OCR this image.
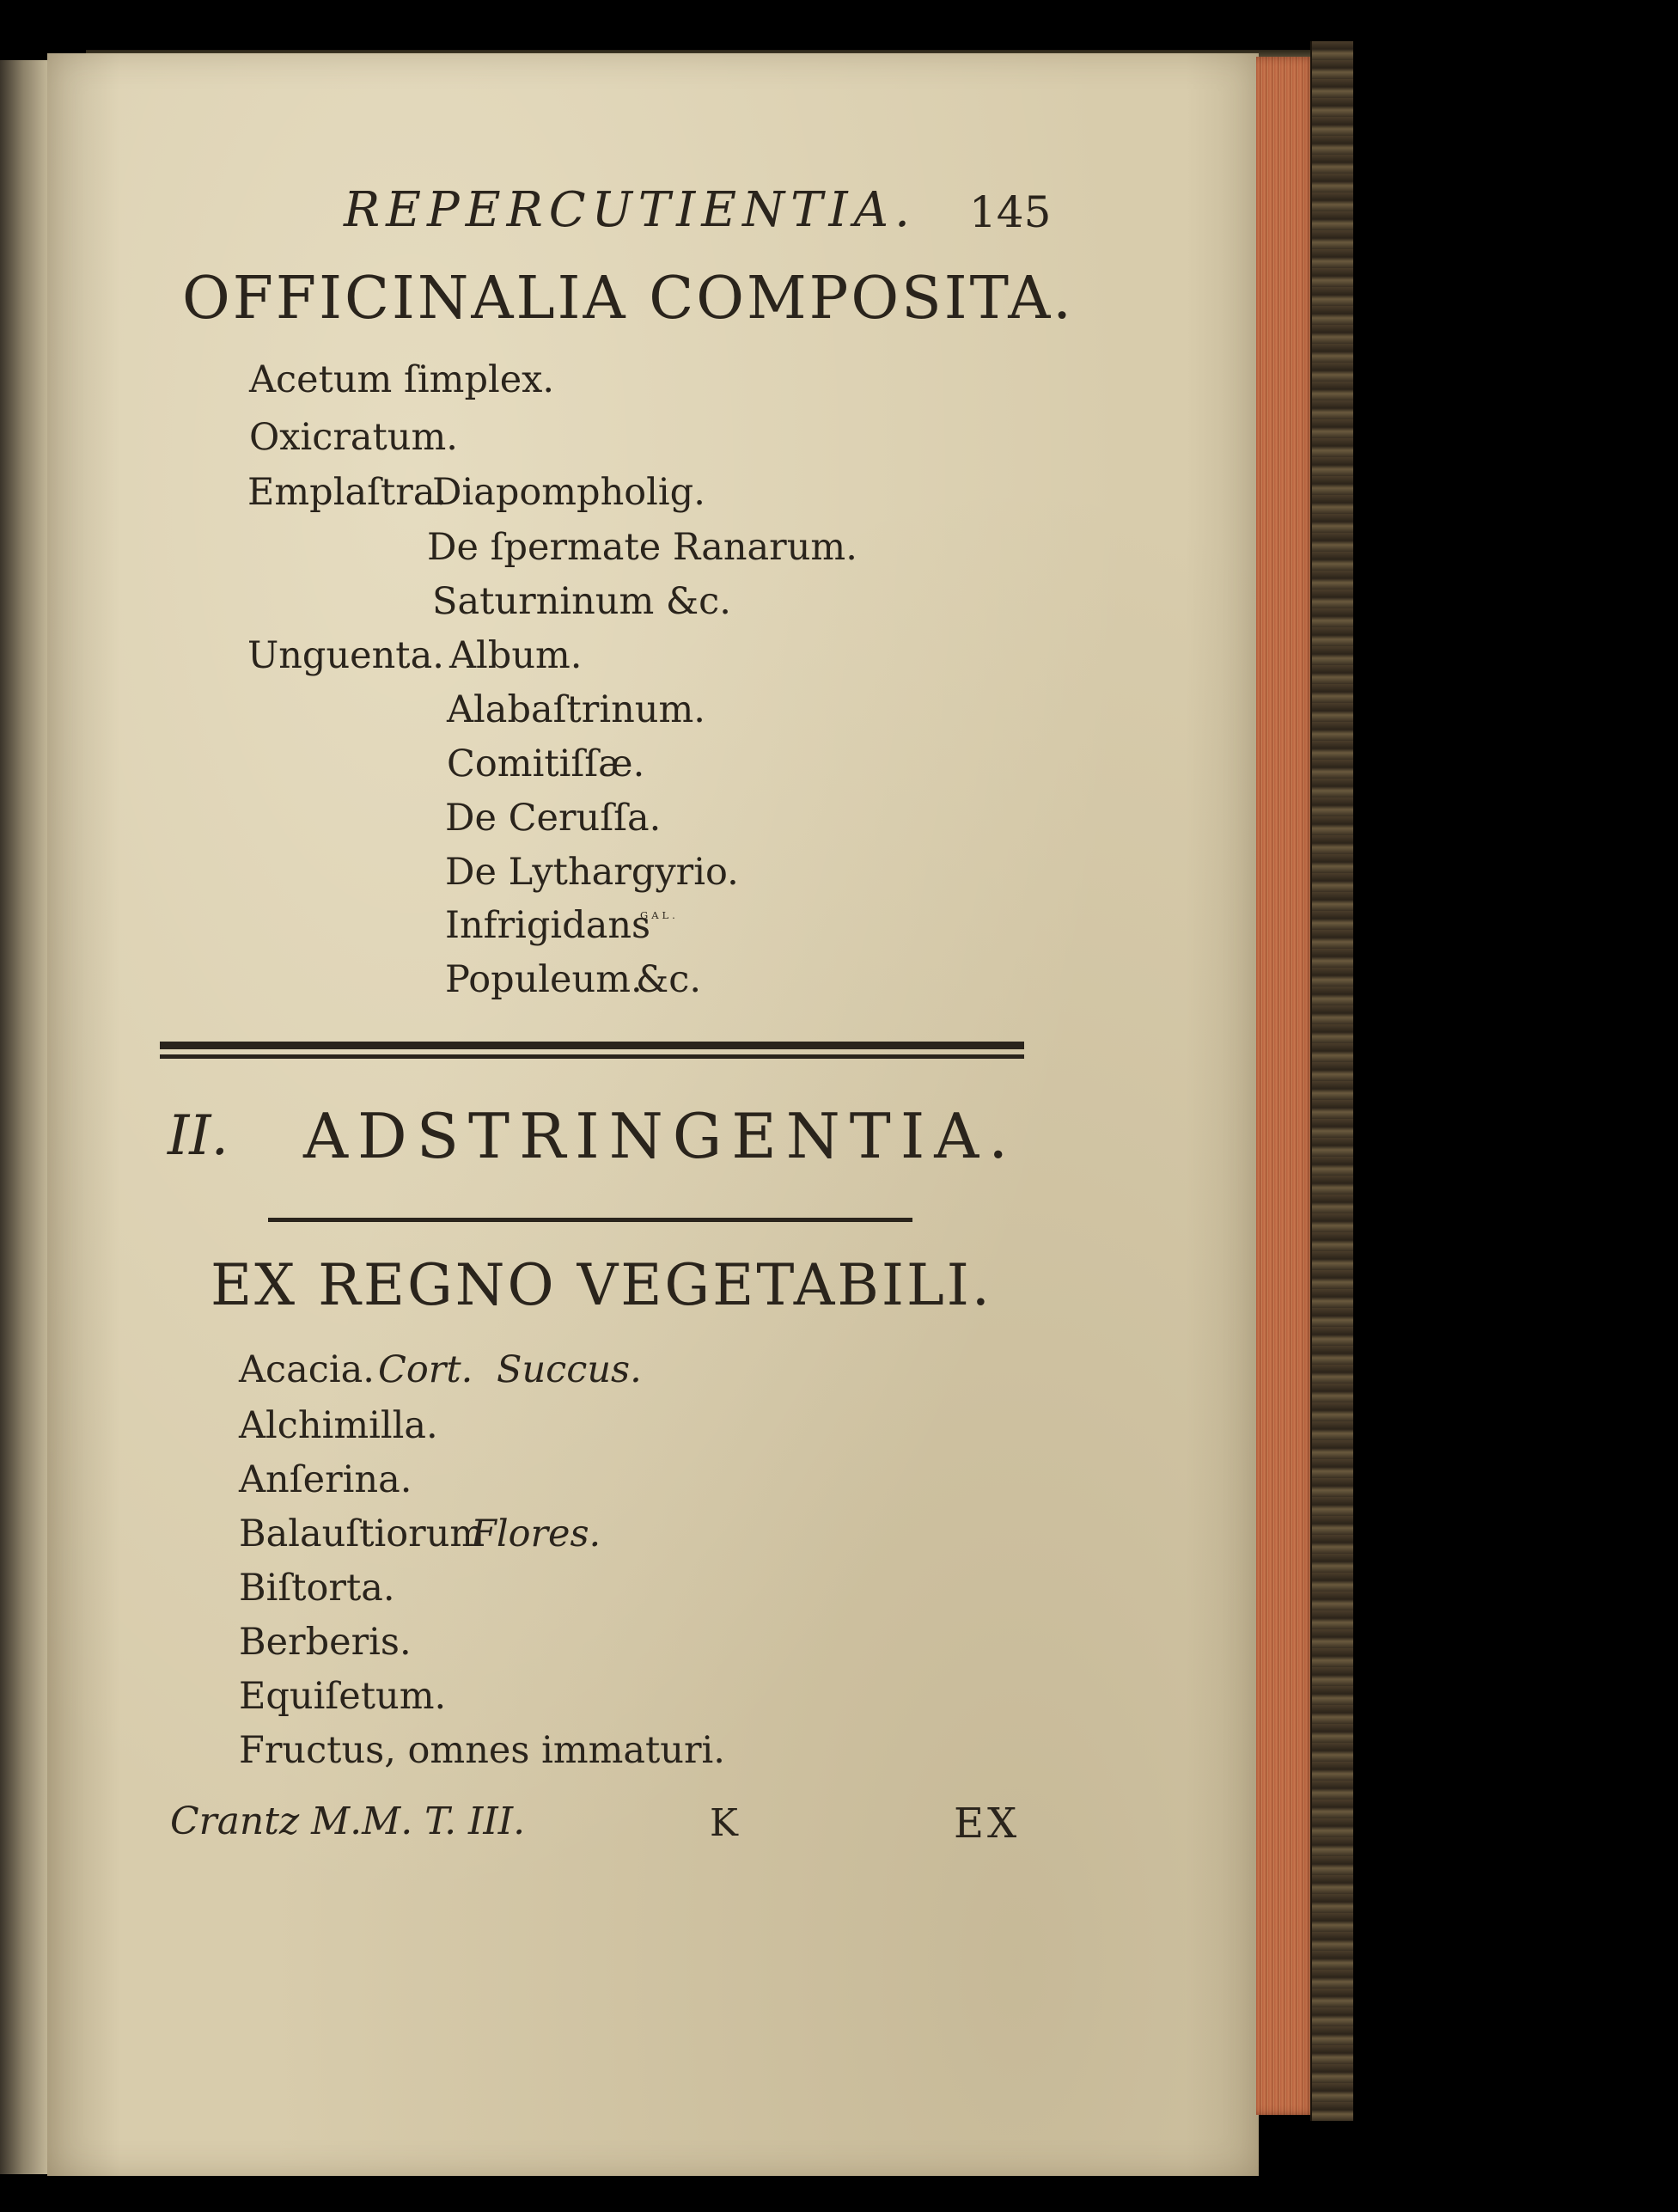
REPERCUTIENTIA. 145
OFFICINALIA COMPOSITA.
Acetum ſimplex.
Oxicratum.
Emplaſtra.
Diapompholig.
De ſpermate Ranarum.
Saturninum &c.
Unguenta. Album.
Alabaſtrinum.
Comitiſſæ.
De Ceruſſa.
De Lythargyrio.
Infrigidans
GAL.
Populeum.
&c.
II. ADSTRINGENTIA.
EX REGNO VEGETABILI.
Acacia. Cort. Succus.
Alchimilla.
Anſerina.
Balauſtiorum
Flores.
Biſtorta.
Berberis.
Equiſetum.
Fructus, omnes immaturi.
Crantz M.M. T. III.	K	EX
